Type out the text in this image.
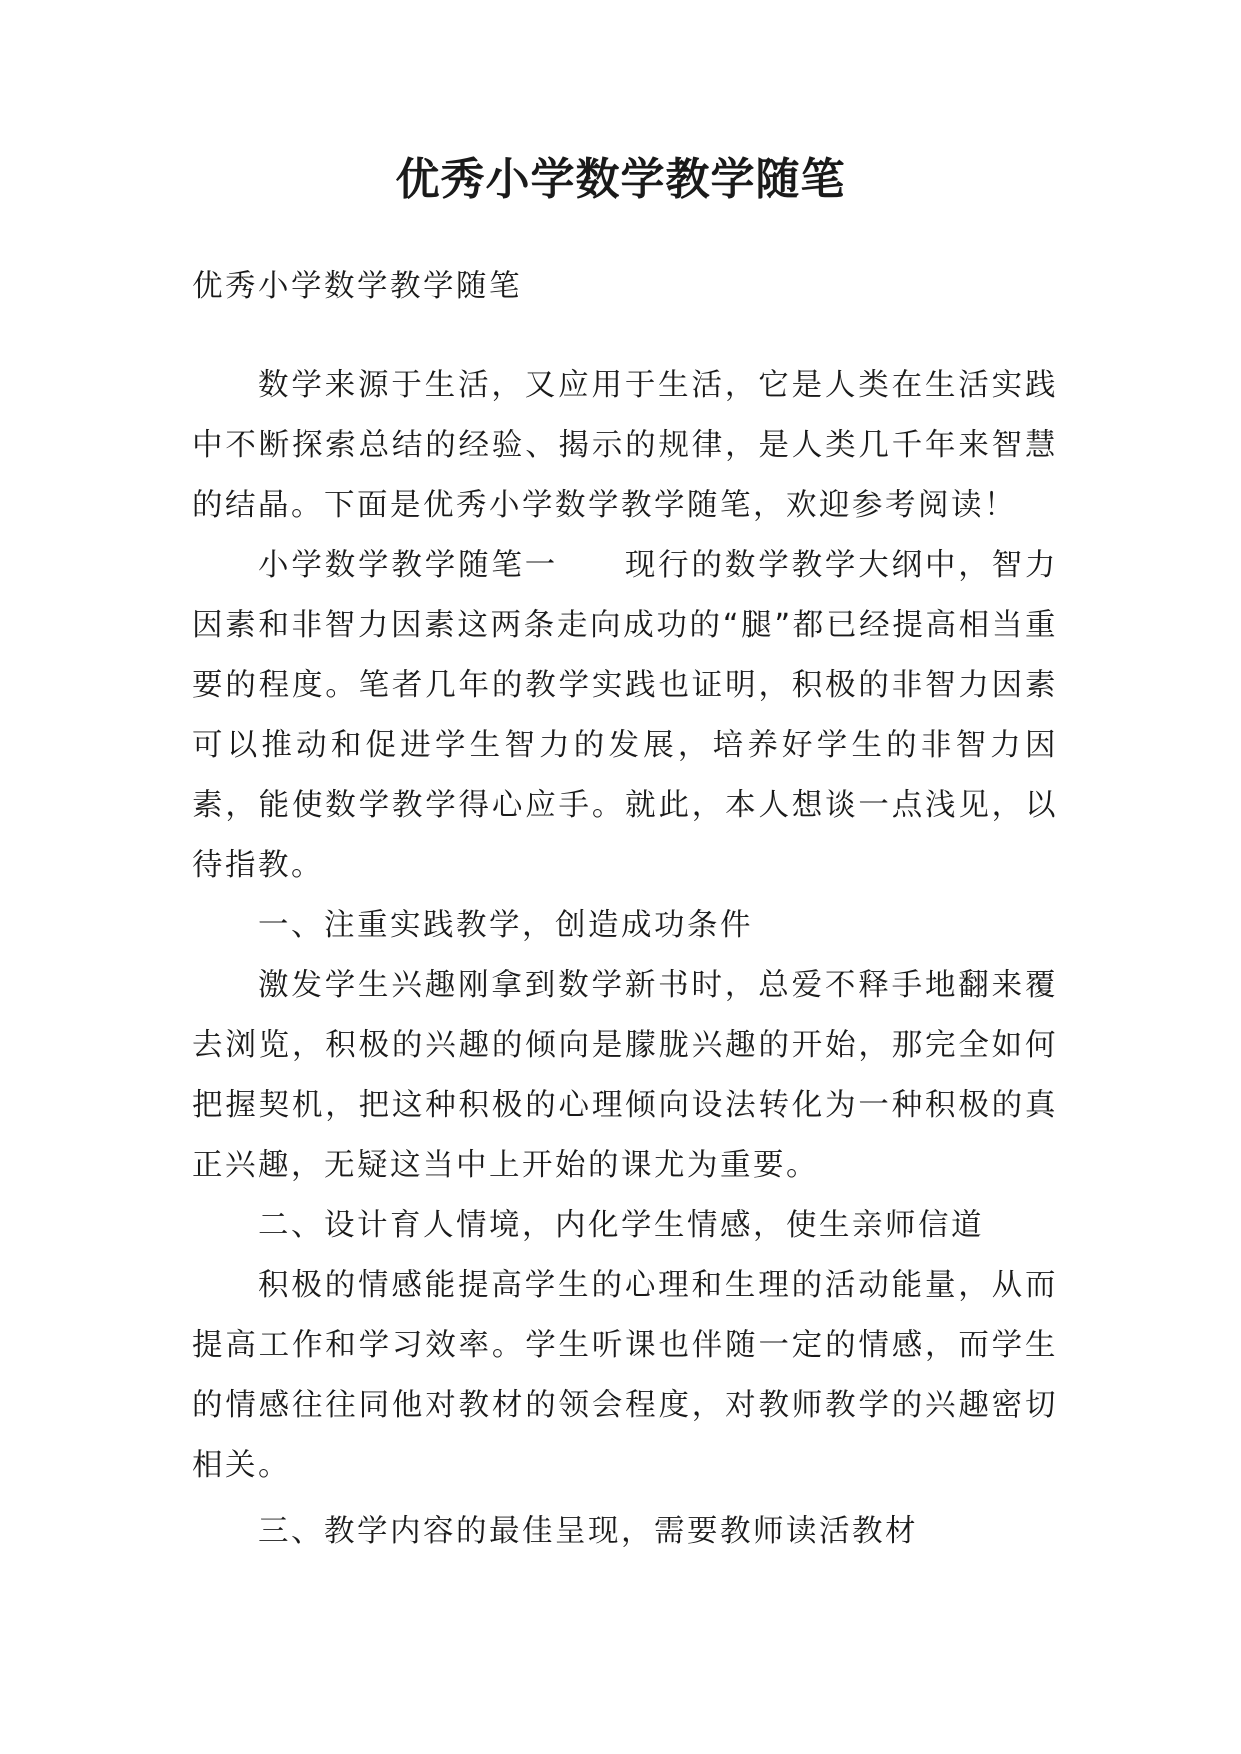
优秀小学数学教学随笔
优秀小学数学教学随笔

数学来源于生活，又应用于生活，它是人类在生活实践中不断探索总结的经验、揭示的规律，是人类几千年来智慧的结晶。下面是优秀小学数学教学随笔，欢迎参考阅读！

小学数学教学随笔一　　现行的数学教学大纲中，智力因素和非智力因素这两条走向成功的“腿”都已经提高相当重要的程度。笔者几年的教学实践也证明，积极的非智力因素可以推动和促进学生智力的发展，培养好学生的非智力因素，能使数学教学得心应手。就此，本人想谈一点浅见，以待指教。

一、注重实践教学，创造成功条件

激发学生兴趣刚拿到数学新书时，总爱不释手地翻来覆去浏览，积极的兴趣的倾向是朦胧兴趣的开始，那完全如何把握契机，把这种积极的心理倾向设法转化为一种积极的真正兴趣，无疑这当中上开始的课尤为重要。

二、设计育人情境，内化学生情感，使生亲师信道

积极的情感能提高学生的心理和生理的活动能量，从而提高工作和学习效率。学生听课也伴随一定的情感，而学生的情感往往同他对教材的领会程度，对教师教学的兴趣密切相关。

三、教学内容的最佳呈现，需要教师读活教材
